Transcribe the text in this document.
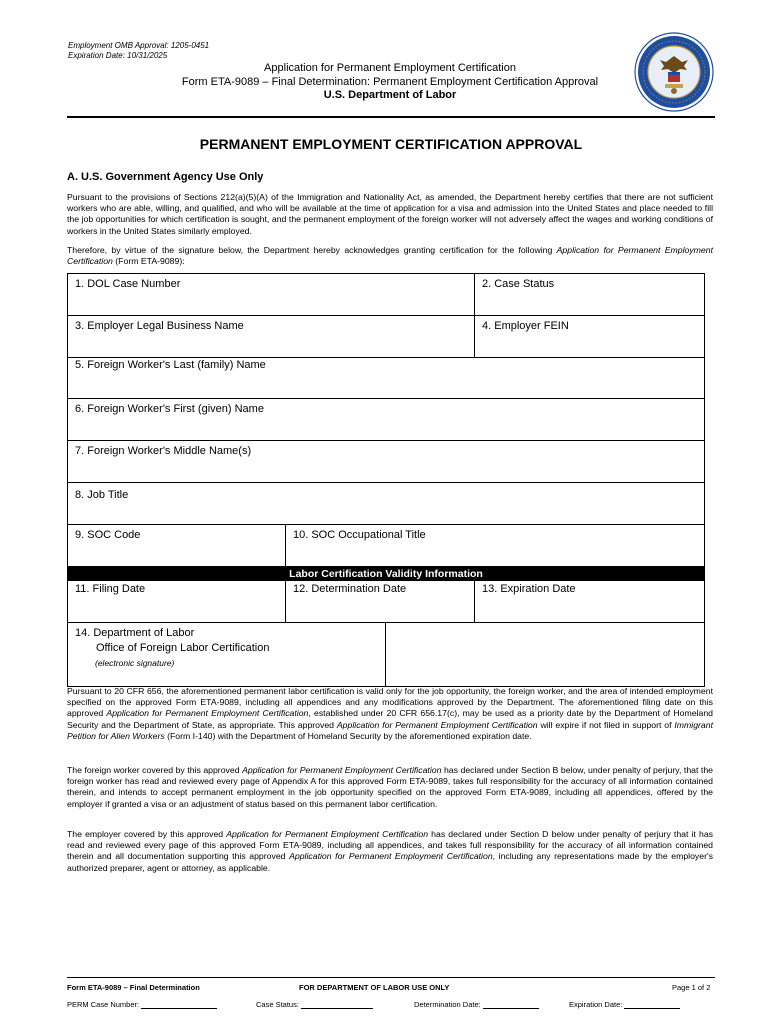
Employment OMB Approval: 1205-0451
Expiration Date: 10/31/2025
Application for Permanent Employment Certification
Form ETA-9089 – Final Determination: Permanent Employment Certification Approval
U.S. Department of Labor
PERMANENT EMPLOYMENT CERTIFICATION APPROVAL
A. U.S. Government Agency Use Only
Pursuant to the provisions of Sections 212(a)(5)(A) of the Immigration and Nationality Act, as amended, the Department hereby certifies that there are not sufficient workers who are able, willing, and qualified, and who will be available at the time of application for a visa and admission into the United States and place needed to fill the job opportunities for which certification is sought, and the permanent employment of the foreign worker will not adversely affect the wages and working conditions of workers in the United States similarly employed.
Therefore, by virtue of the signature below, the Department hereby acknowledges granting certification for the following Application for Permanent Employment Certification (Form ETA-9089):
1. DOL Case Number	2. Case Status
3. Employer Legal Business Name	4. Employer FEIN
5. Foreign Worker's Last (family) Name
6. Foreign Worker's First (given) Name
7. Foreign Worker's Middle Name(s)
8. Job Title
9. SOC Code	10. SOC Occupational Title
Labor Certification Validity Information
11. Filing Date	12. Determination Date	13. Expiration Date
14. Department of Labor
Office of Foreign Labor Certification
(electronic signature)
Pursuant to 20 CFR 656, the aforementioned permanent labor certification is valid only for the job opportunity, the foreign worker, and the area of intended employment specified on the approved Form ETA-9089, including all appendices and any modifications approved by the Department. The aforementioned filing date on this approved Application for Permanent Employment Certification, established under 20 CFR 656.17(c), may be used as a priority date by the Department of Homeland Security and the Department of State, as appropriate. This approved Application for Permanent Employment Certification will expire if not filed in support of Immigrant Petition for Alien Workers (Form I-140) with the Department of Homeland Security by the aforementioned expiration date.
The foreign worker covered by this approved Application for Permanent Employment Certification has declared under Section B below, under penalty of perjury, that the foreign worker has read and reviewed every page of Appendix A for this approved Form ETA-9089, takes full responsibility for the accuracy of all information contained therein, and intends to accept permanent employment in the job opportunity specified on the approved Form ETA-9089, including all appendices, offered by the employer if granted a visa or an adjustment of status based on this permanent labor certification.
The employer covered by this approved Application for Permanent Employment Certification has declared under Section D below under penalty of perjury that it has read and reviewed every page of this approved Form ETA-9089, including all appendices, and takes full responsibility for the accuracy of all information contained therein and all documentation supporting this approved Application for Permanent Employment Certification, including any representations made by the employer's authorized preparer, agent or attorney, as applicable.
Form ETA-9089 – Final Determination	FOR DEPARTMENT OF LABOR USE ONLY	Page 1 of 2
PERM Case Number:	Case Status:	Determination Date:	Expiration Date:
